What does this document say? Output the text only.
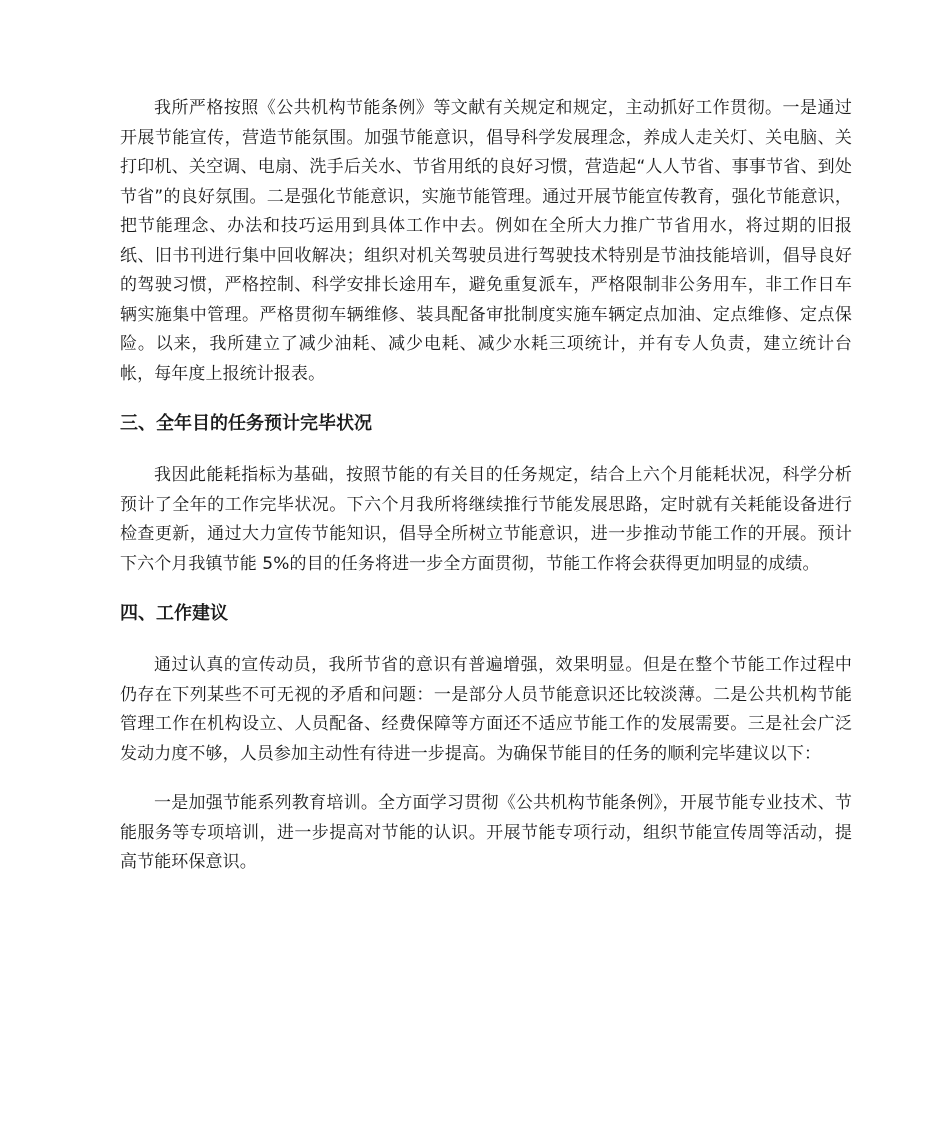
我所严格按照《公共机构节能条例》等文献有关规定和规定，主动抓好工作贯彻。一是通过开展节能宣传，营造节能氛围。加强节能意识，倡导科学发展理念，养成人走关灯、关电脑、关打印机、关空调、电扇、洗手后关水、节省用纸的良好习惯，营造起“人人节省、事事节省、到处节省”的良好氛围。二是强化节能意识，实施节能管理。通过开展节能宣传教育，强化节能意识，把节能理念、办法和技巧运用到具体工作中去。例如在全所大力推广节省用水，将过期的旧报纸、旧书刊进行集中回收解决；组织对机关驾驶员进行驾驶技术特别是节油技能培训，倡导良好的驾驶习惯，严格控制、科学安排长途用车，避免重复派车，严格限制非公务用车，非工作日车辆实施集中管理。严格贯彻车辆维修、装具配备审批制度实施车辆定点加油、定点维修、定点保险。以来，我所建立了减少油耗、减少电耗、减少水耗三项统计，并有专人负责，建立统计台帐，每年度上报统计报表。

三、全年目的任务预计完毕状况

我因此能耗指标为基础，按照节能的有关目的任务规定，结合上六个月能耗状况，科学分析预计了全年的工作完毕状况。下六个月我所将继续推行节能发展思路，定时就有关耗能设备进行检查更新，通过大力宣传节能知识，倡导全所树立节能意识，进一步推动节能工作的开展。预计下六个月我镇节能 5%的目的任务将进一步全方面贯彻，节能工作将会获得更加明显的成绩。

四、工作建议

通过认真的宣传动员，我所节省的意识有普遍增强，效果明显。但是在整个节能工作过程中仍存在下列某些不可无视的矛盾和问题：一是部分人员节能意识还比较淡薄。二是公共机构节能管理工作在机构设立、人员配备、经费保障等方面还不适应节能工作的发展需要。三是社会广泛发动力度不够，人员参加主动性有待进一步提高。为确保节能目的任务的顺利完毕建议以下：

一是加强节能系列教育培训。全方面学习贯彻《公共机构节能条例》，开展节能专业技术、节能服务等专项培训，进一步提高对节能的认识。开展节能专项行动，组织节能宣传周等活动，提高节能环保意识。
